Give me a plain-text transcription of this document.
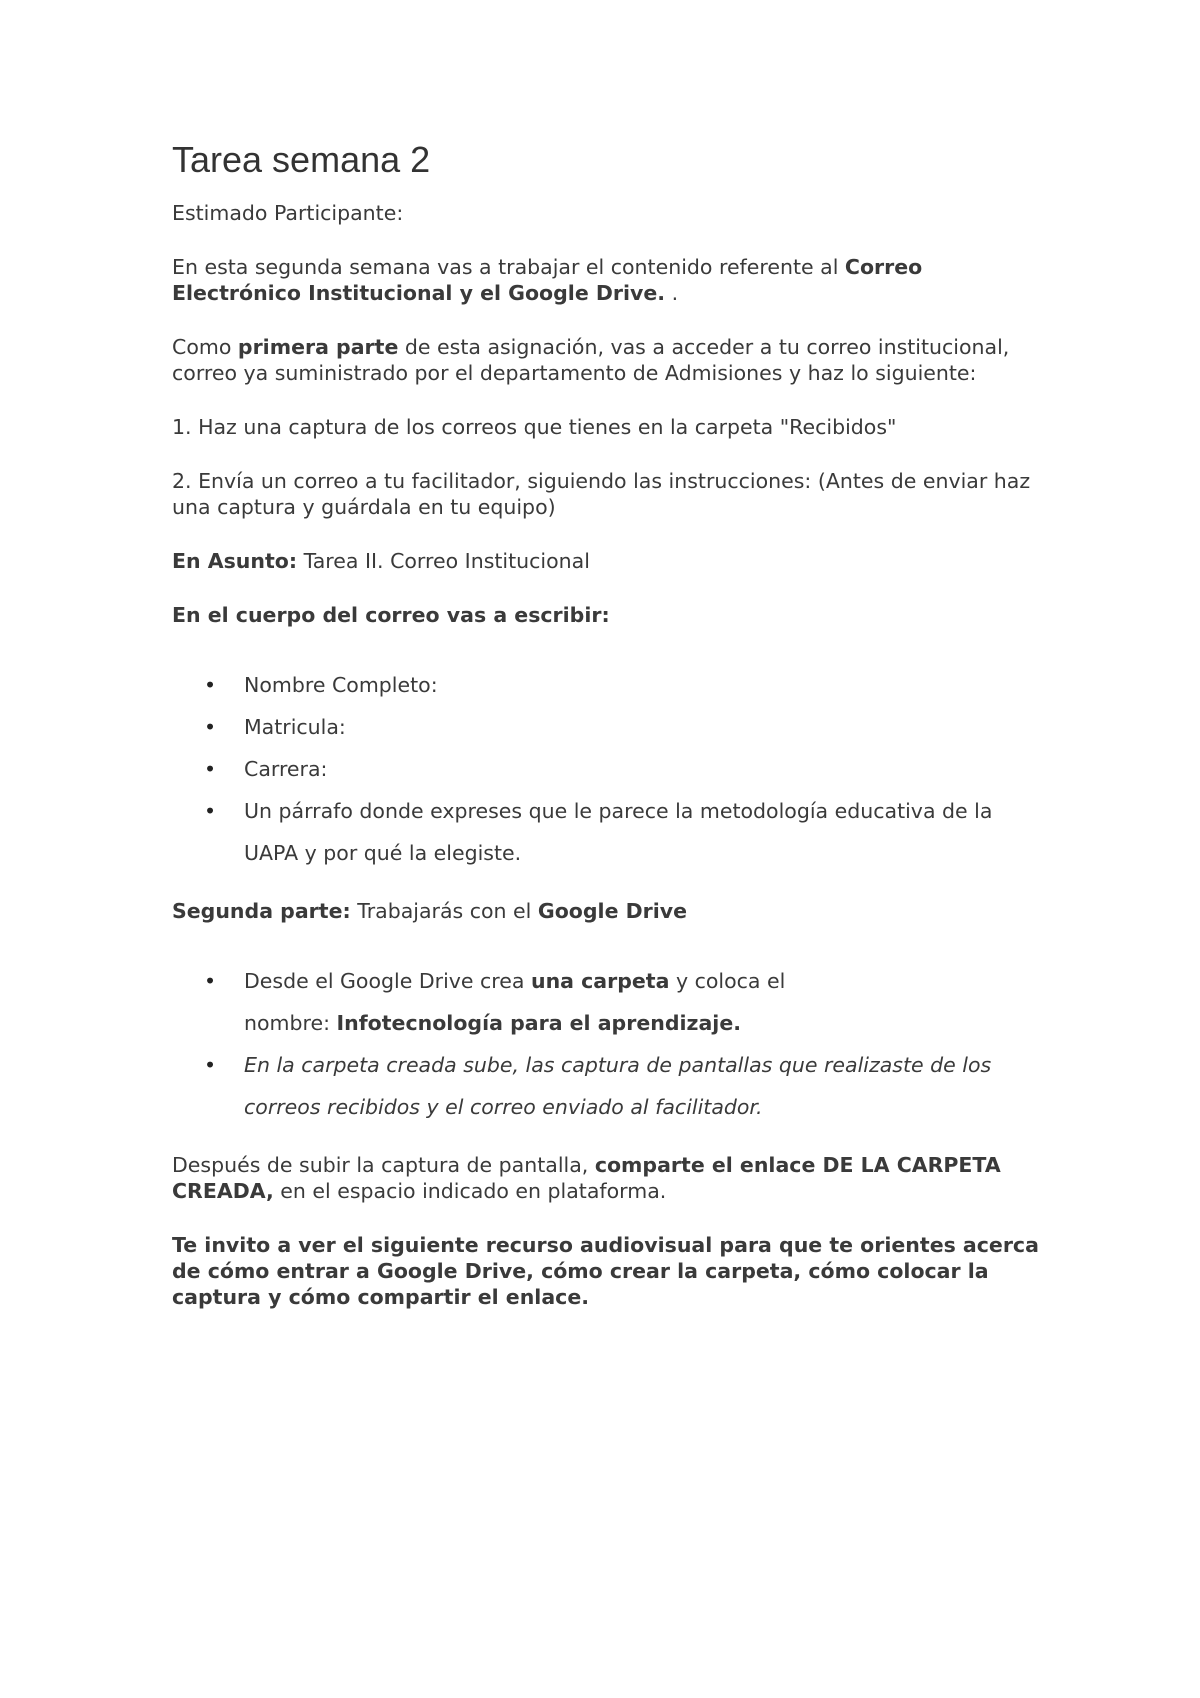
Tarea semana 2

Estimado Participante:

En esta segunda semana vas a trabajar el contenido referente al Correo Electrónico Institucional y el Google Drive. .

Como primera parte de esta asignación, vas a acceder a tu correo institucional, correo ya suministrado por el departamento de Admisiones y haz lo siguiente:

1. Haz una captura de los correos que tienes en la carpeta "Recibidos"

2. Envía un correo a tu facilitador, siguiendo las instrucciones: (Antes de enviar haz una captura y guárdala en tu equipo)

En Asunto: Tarea II. Correo Institucional

En el cuerpo del correo vas a escribir:

• Nombre Completo:
• Matricula:
• Carrera:
• Un párrafo donde expreses que le parece la metodología educativa de la UAPA y por qué la elegiste.

Segunda parte: Trabajarás con el Google Drive

• Desde el Google Drive crea una carpeta y coloca el nombre: Infotecnología para el aprendizaje.
• En la carpeta creada sube, las captura de pantallas que realizaste de los correos recibidos y el correo enviado al facilitador.

Después de subir la captura de pantalla, comparte el enlace DE LA CARPETA CREADA, en el espacio indicado en plataforma.

Te invito a ver el siguiente recurso audiovisual para que te orientes acerca de cómo entrar a Google Drive, cómo crear la carpeta, cómo colocar la captura y cómo compartir el enlace.
